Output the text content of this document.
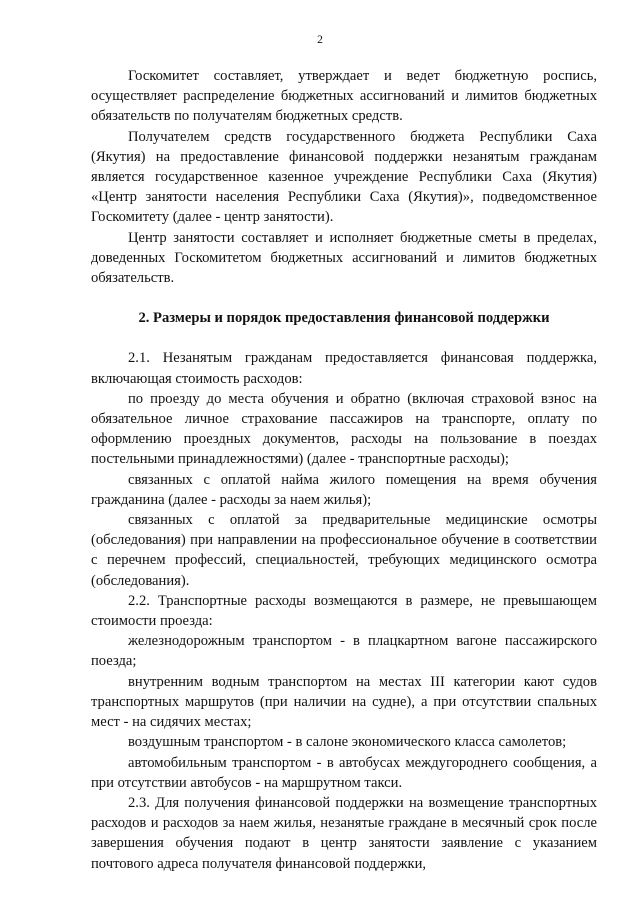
2

Госкомитет составляет, утверждает и ведет бюджетную роспись, осуществляет распределение бюджетных ассигнований и лимитов бюджетных обязательств по получателям бюджетных средств.

Получателем средств государственного бюджета Республики Саха (Якутия) на предоставление финансовой поддержки незанятым гражданам является государственное казенное учреждение Республики Саха (Якутия) «Центр занятости населения Республики Саха (Якутия)», подведомственное Госкомитету (далее - центр занятости).

Центр занятости составляет и исполняет бюджетные сметы в пределах, доведенных Госкомитетом бюджетных ассигнований и лимитов бюджетных обязательств.

2. Размеры и порядок предоставления финансовой поддержки

2.1. Незанятым гражданам предоставляется финансовая поддержка, включающая стоимость расходов:

по проезду до места обучения и обратно (включая страховой взнос на обязательное личное страхование пассажиров на транспорте, оплату по оформлению проездных документов, расходы на пользование в поездах постельными принадлежностями) (далее - транспортные расходы);

связанных с оплатой найма жилого помещения на время обучения гражданина (далее - расходы за наем жилья);

связанных с оплатой за предварительные медицинские осмотры (обследования) при направлении на профессиональное обучение в соответствии с перечнем профессий, специальностей, требующих медицинского осмотра (обследования).

2.2. Транспортные расходы возмещаются в размере, не превышающем стоимости проезда:

железнодорожным транспортом - в плацкартном вагоне пассажирского поезда;

внутренним водным транспортом на местах III категории кают судов транспортных маршрутов (при наличии на судне), а при отсутствии спальных мест - на сидячих местах;

воздушным транспортом - в салоне экономического класса самолетов;

автомобильным транспортом - в автобусах междугороднего сообщения, а при отсутствии автобусов - на маршрутном такси.

2.3. Для получения финансовой поддержки на возмещение транспортных расходов и расходов за наем жилья, незанятые граждане в месячный срок после завершения обучения подают в центр занятости заявление с указанием почтового адреса получателя финансовой поддержки,
